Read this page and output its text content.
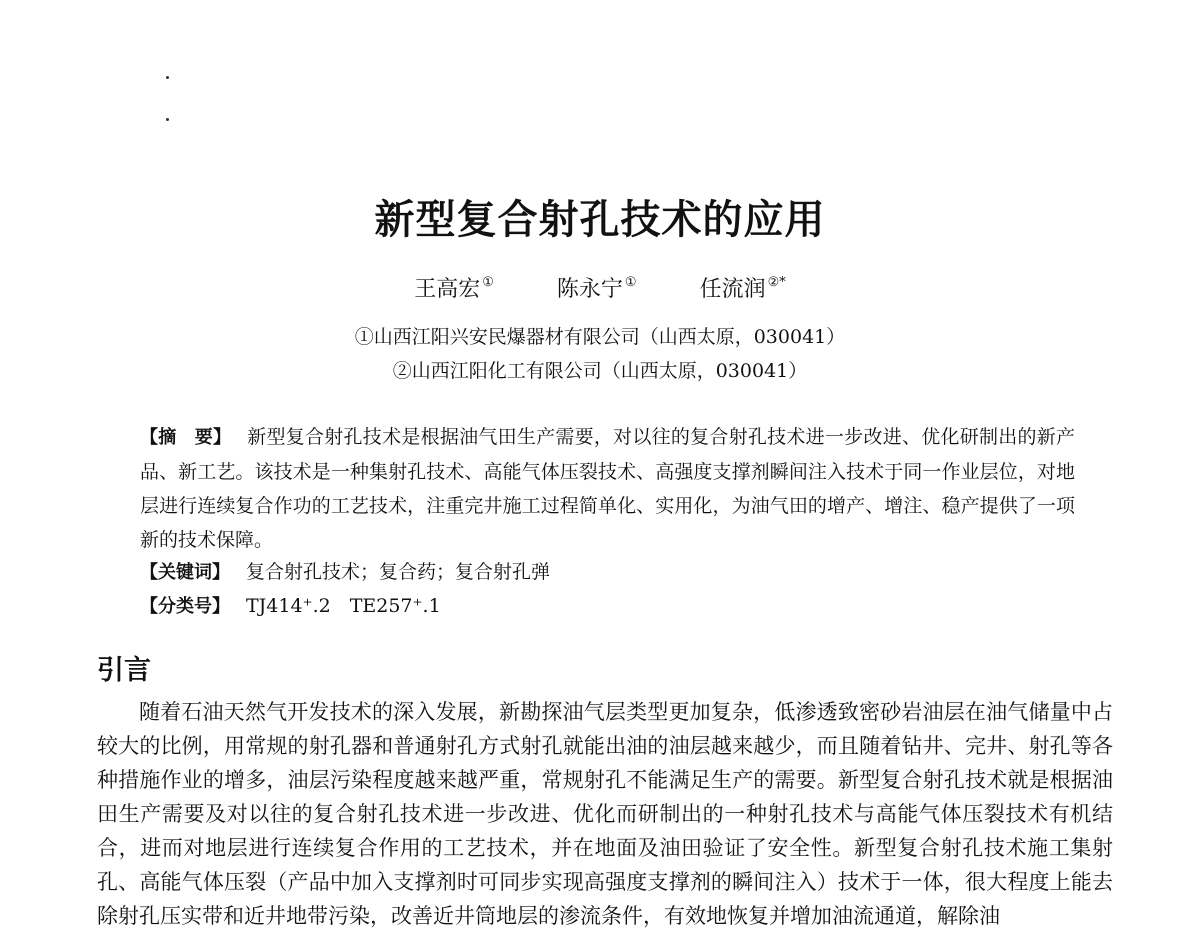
新型复合射孔技术的应用
王高宏 ①	陈永宁 ①	任流润 ②*
①山西江阳兴安民爆器材有限公司（山西太原，030041）
②山西江阳化工有限公司（山西太原，030041）
【摘　要】 新型复合射孔技术是根据油气田生产需要，对以往的复合射孔技术进一步改进、优化研制出的新产品、新工艺。该技术是一种集射孔技术、高能气体压裂技术、高强度支撑剂瞬间注入技术于同一作业层位，对地层进行连续复合作功的工艺技术，注重完井施工过程简单化、实用化，为油气田的增产、增注、稳产提供了一项新的技术保障。
【关键词】 复合射孔技术；复合药；复合射孔弹
【分类号】 TJ414⁺.2　TE257⁺.1
引言
随着石油天然气开发技术的深入发展，新勘探油气层类型更加复杂，低渗透致密砂岩油层在油气储量中占较大的比例，用常规的射孔器和普通射孔方式射孔就能出油的油层越来越少，而且随着钻井、完井、射孔等各种措施作业的增多，油层污染程度越来越严重，常规射孔不能满足生产的需要。新型复合射孔技术就是根据油田生产需要及对以往的复合射孔技术进一步改进、优化而研制出的一种射孔技术与高能气体压裂技术有机结合，进而对地层进行连续复合作用的工艺技术，并在地面及油田验证了安全性。新型复合射孔技术施工集射孔、高能气体压裂（产品中加入支撑剂时可同步实现高强度支撑剂的瞬间注入）技术于一体，很大程度上能去除射孔压实带和近井地带污染，改善近井筒地层的渗流条件，有效地恢复并增加油流通道，解除油
